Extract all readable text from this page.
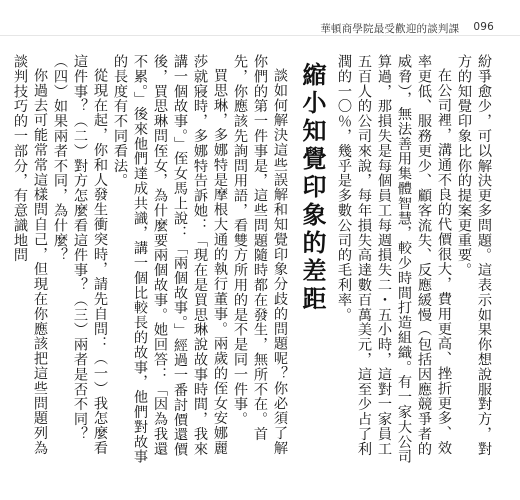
華頓商學院最受歡迎的談判課 096

紛爭愈少，可以解決更多問題。這表示如果你想說服對方，對方的知覺印象比你的提案更重要。

在公司裡，溝通不良的代價很大，費用更高、挫折更多、效率更低、服務更少、顧客流失、反應緩慢（包括因應競爭者的威脅），無法善用集體智慧，較少時間打造組織。有一家大公司算過，那損失是每個員工每週損失二・五小時，這對一家員工五百人的公司來說，每年損失高達數百萬美元，這至少占了利潤的一〇％，幾乎是多數公司的毛利率。

縮小知覺印象的差距

談如何解決這些誤解和知覺印象分歧的問題呢？你必須了解你們的第一件事是，這些問題隨時都在發生，無所不在。首先，你應該先詢問用語，看雙方所用的是不是同一件事。

買思琳，多娜特是摩根大通的執行董事。兩歲的侄女安娜麗莎就寢時，多娜特告訴她：「現在是買思琳說故事時間，我來講一個故事。」侄女馬上說：「兩個故事。」經過一番討價還價後，買思琳問侄女，為什麼要兩個故事。她回答：「因為我還不累。」後來他們達成共識，講一個比較長的故事，他們對故事的長度有不同看法。

從現在起，你和人發生衝突時，請先自問：（一）我怎麼看這件事？（二）對方怎麼看這件事？（三）兩者是否不同？（四）如果兩者不同，為什麼？

你過去可能常常這樣問自己，但現在你應該把這些問題列為談判技巧的一部分，有意識地問
